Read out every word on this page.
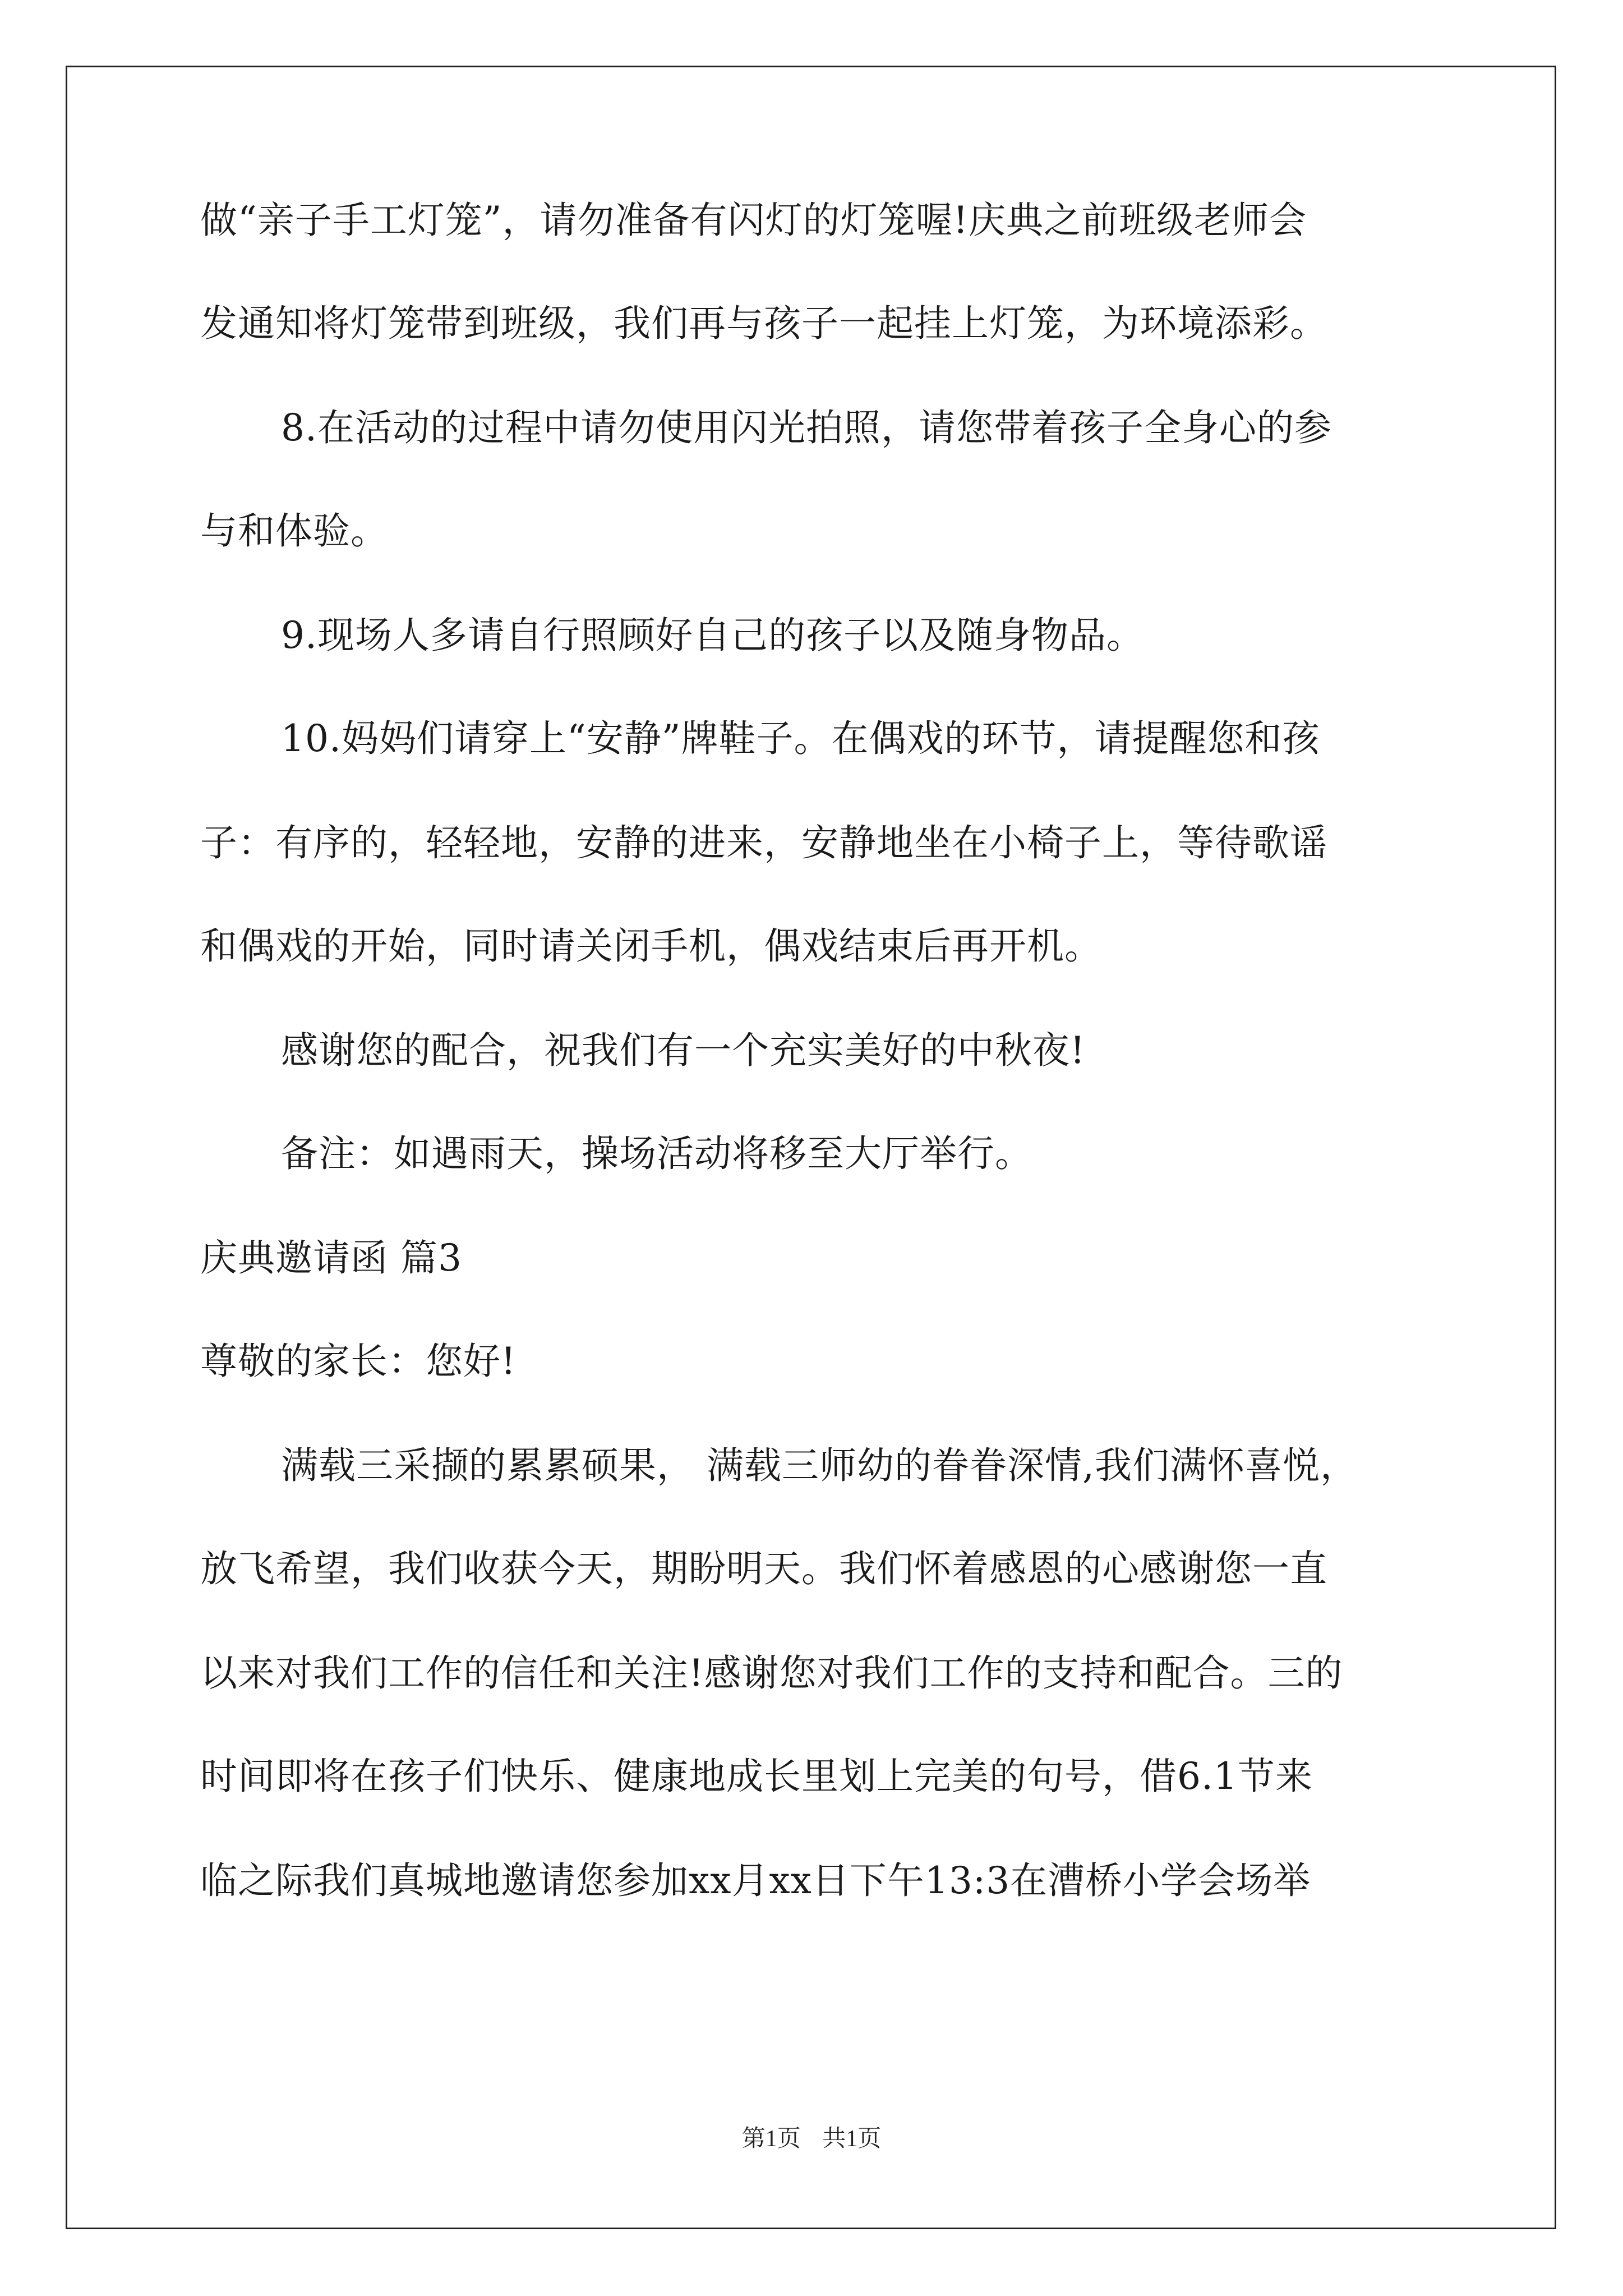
做“亲子手工灯笼”，请勿准备有闪灯的灯笼喔!庆典之前班级老师会
发通知将灯笼带到班级，我们再与孩子一起挂上灯笼，为环境添彩。
8.在活动的过程中请勿使用闪光拍照，请您带着孩子全身心的参
与和体验。
9.现场人多请自行照顾好自己的孩子以及随身物品。
10.妈妈们请穿上“安静”牌鞋子。在偶戏的环节，请提醒您和孩
子：有序的，轻轻地，安静的进来，安静地坐在小椅子上，等待歌谣
和偶戏的开始，同时请关闭手机，偶戏结束后再开机。
感谢您的配合，祝我们有一个充实美好的中秋夜!
备注：如遇雨天，操场活动将移至大厅举行。
庆典邀请函 篇3
尊敬的家长：您好!
满载三采撷的累累硕果， 满载三师幼的眷眷深情,我们满怀喜悦，
放飞希望，我们收获今天，期盼明天。我们怀着感恩的心感谢您一直
以来对我们工作的信任和关注!感谢您对我们工作的支持和配合。三的
时间即将在孩子们快乐、健康地成长里划上完美的句号，借6.1节来
临之际我们真城地邀请您参加xx月xx日下午13:3在漕桥小学会场举
第1页 共1页
